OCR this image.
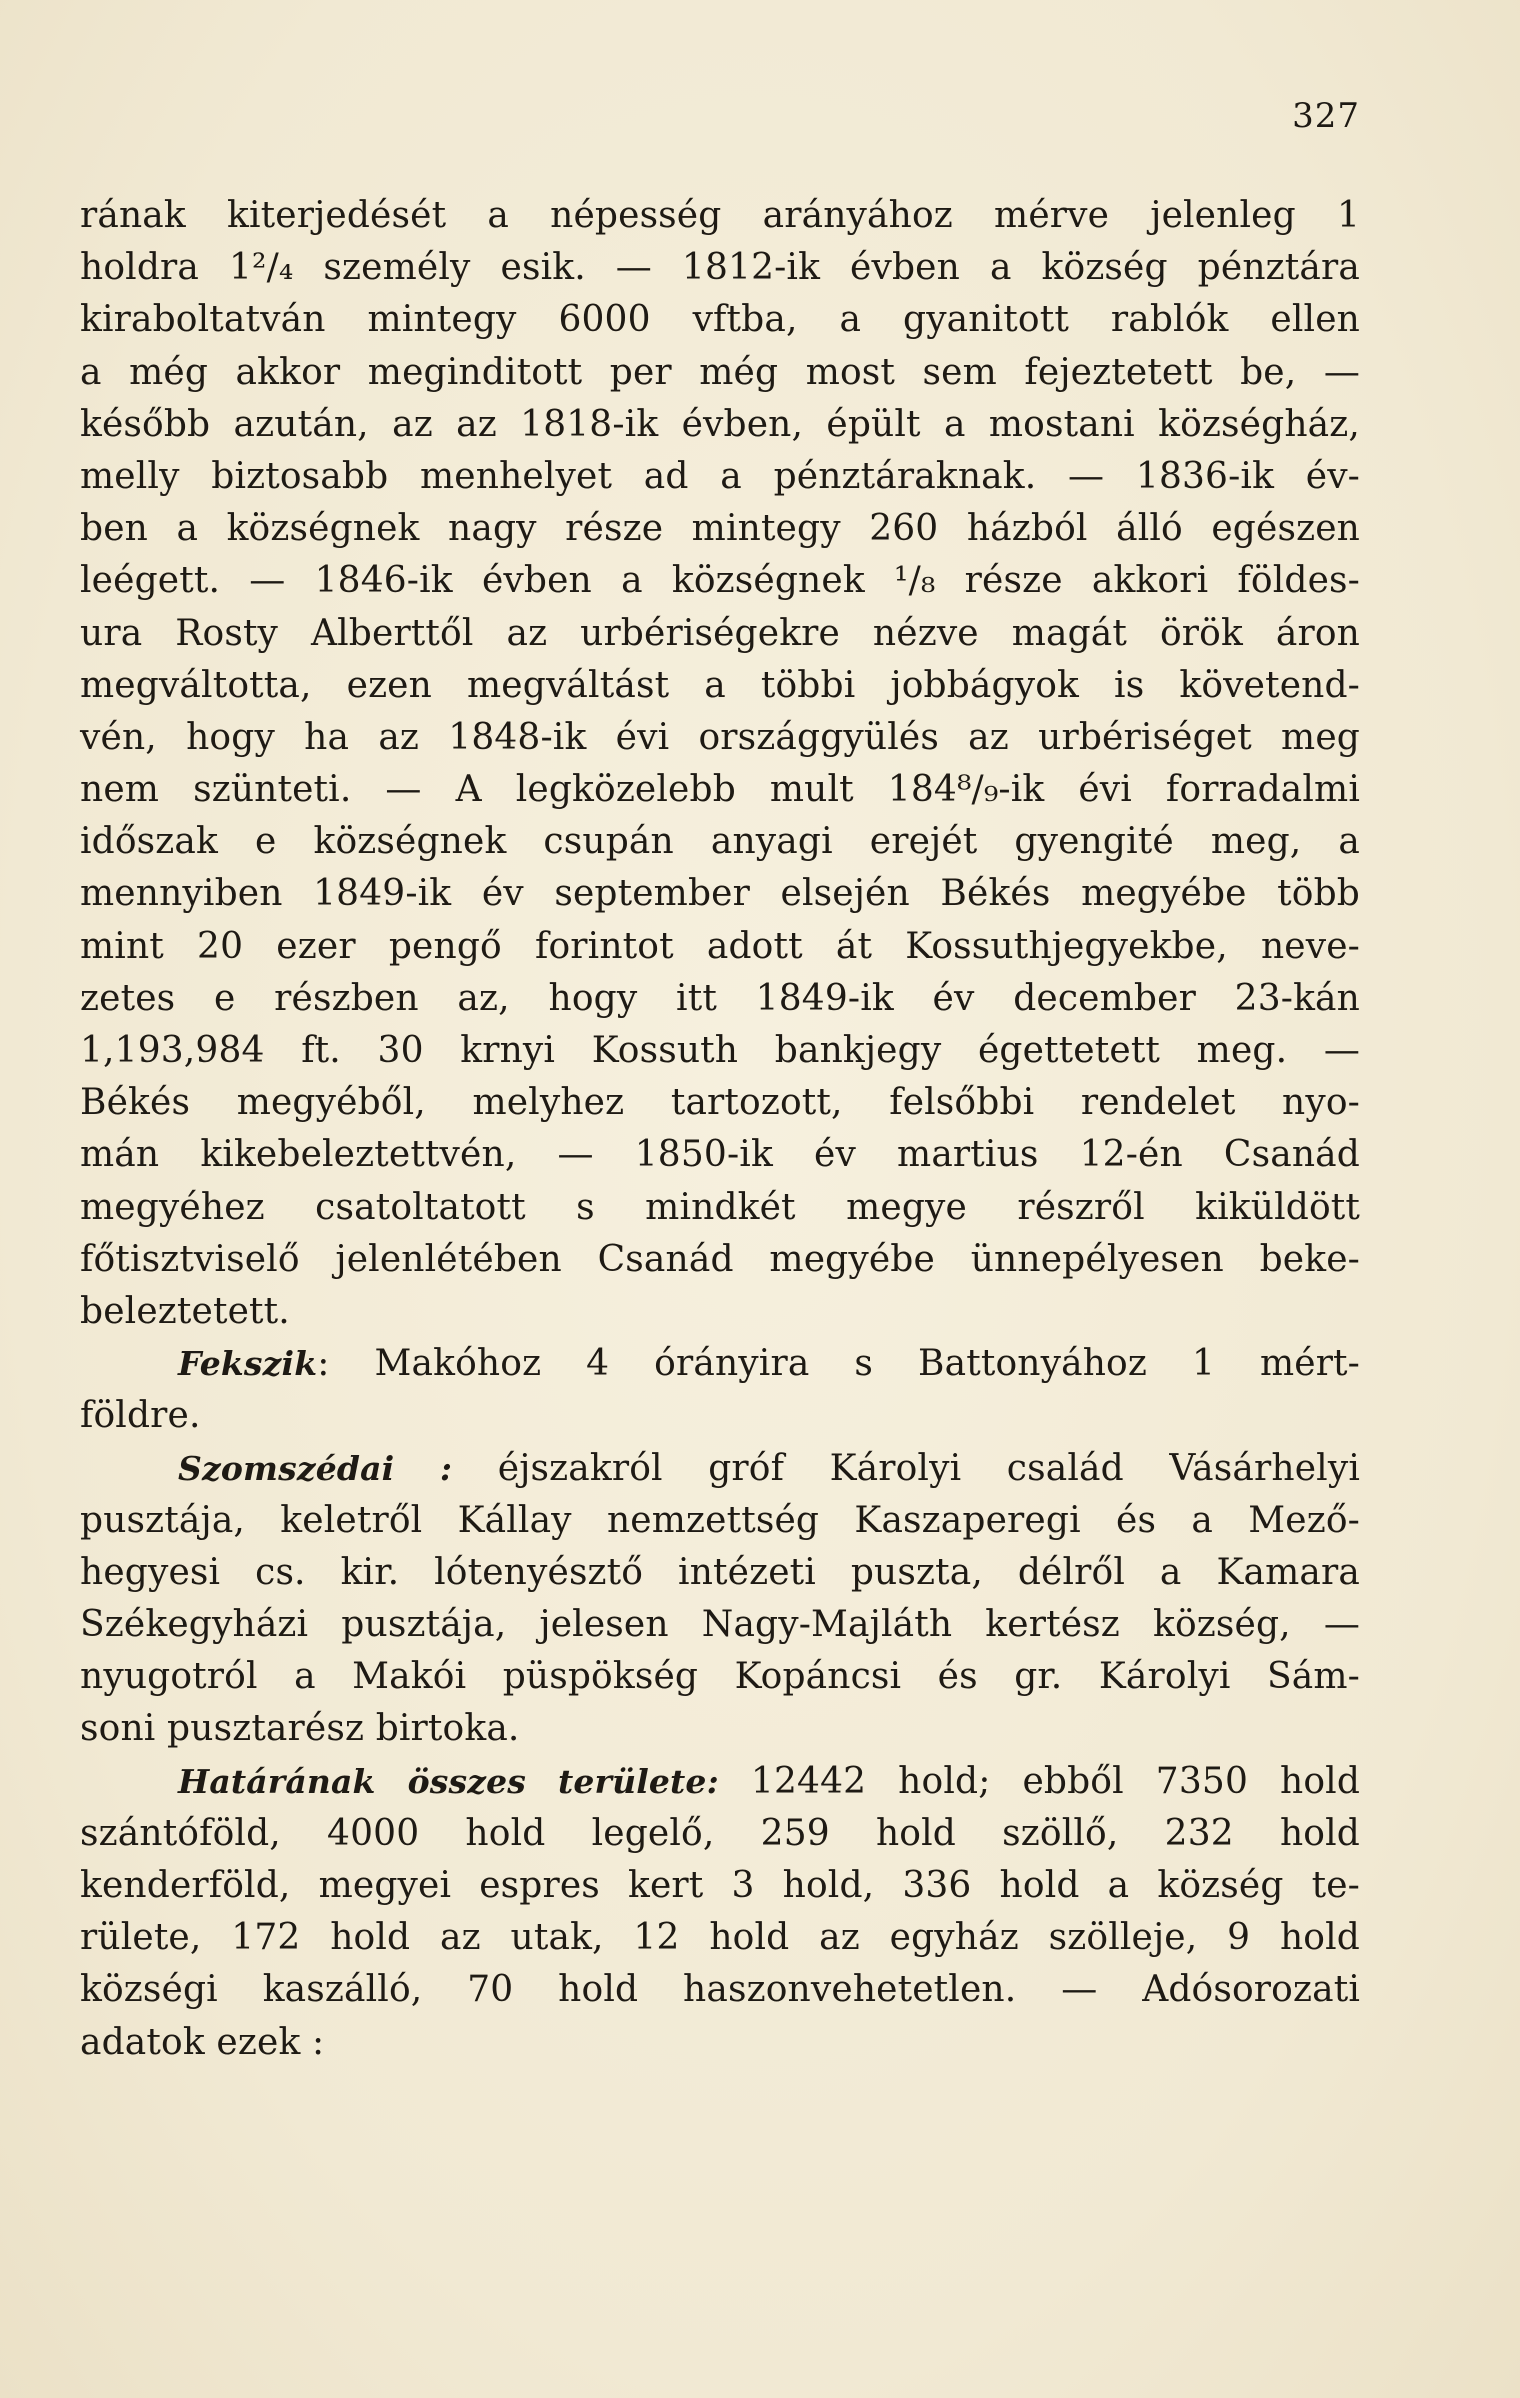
327
rának kiterjedését a népesség arányához mérve jelenleg 1
holdra 1²/₄ személy esik. — 1812-ik évben a község pénztára
kiraboltatván mintegy 6000 vftba, a gyanitott rablók ellen
a még akkor meginditott per még most sem fejeztetett be, —
később azután, az az 1818-ik évben, épült a mostani községház,
melly biztosabb menhelyet ad a pénztáraknak. — 1836-ik év-
ben a községnek nagy része mintegy 260 házból álló egészen
leégett. — 1846-ik évben a községnek ¹/₈ része akkori földes-
ura Rosty Alberttől az urbériségekre nézve magát örök áron
megváltotta, ezen megváltást a többi jobbágyok is követend-
vén, hogy ha az 1848-ik évi országgyülés az urbériséget meg
nem szünteti. — A legközelebb mult 184⁸/₉-ik évi forradalmi
időszak e községnek csupán anyagi erejét gyengité meg, a
mennyiben 1849-ik év september elsején Békés megyébe több
mint 20 ezer pengő forintot adott át Kossuthjegyekbe, neve-
zetes e részben az, hogy itt 1849-ik év december 23-kán
1,193,984 ft. 30 krnyi Kossuth bankjegy égettetett meg. —
Békés megyéből, melyhez tartozott, felsőbbi rendelet nyo-
mán kikebeleztettvén, — 1850-ik év martius 12-én Csanád
megyéhez csatoltatott s mindkét megye részről kiküldött
főtisztviselő jelenlétében Csanád megyébe ünnepélyesen beke-
beleztetett.
Fekszik: Makóhoz 4 órányira s Battonyához 1 mért-
földre.
Szomszédai : éjszakról gróf Károlyi család Vásárhelyi
pusztája, keletről Kállay nemzettség Kaszaperegi és a Mező-
hegyesi cs. kir. lótenyésztő intézeti puszta, délről a Kamara
Székegyházi pusztája, jelesen Nagy-Majláth kertész község, —
nyugotról a Makói püspökség Kopáncsi és gr. Károlyi Sám-
soni pusztarész birtoka.
Határának összes területe: 12442 hold; ebből 7350 hold
szántóföld, 4000 hold legelő, 259 hold szöllő, 232 hold
kenderföld, megyei espres kert 3 hold, 336 hold a község te-
rülete, 172 hold az utak, 12 hold az egyház szölleje, 9 hold
községi kaszálló, 70 hold haszonvehetetlen. — Adósorozati
adatok ezek :
